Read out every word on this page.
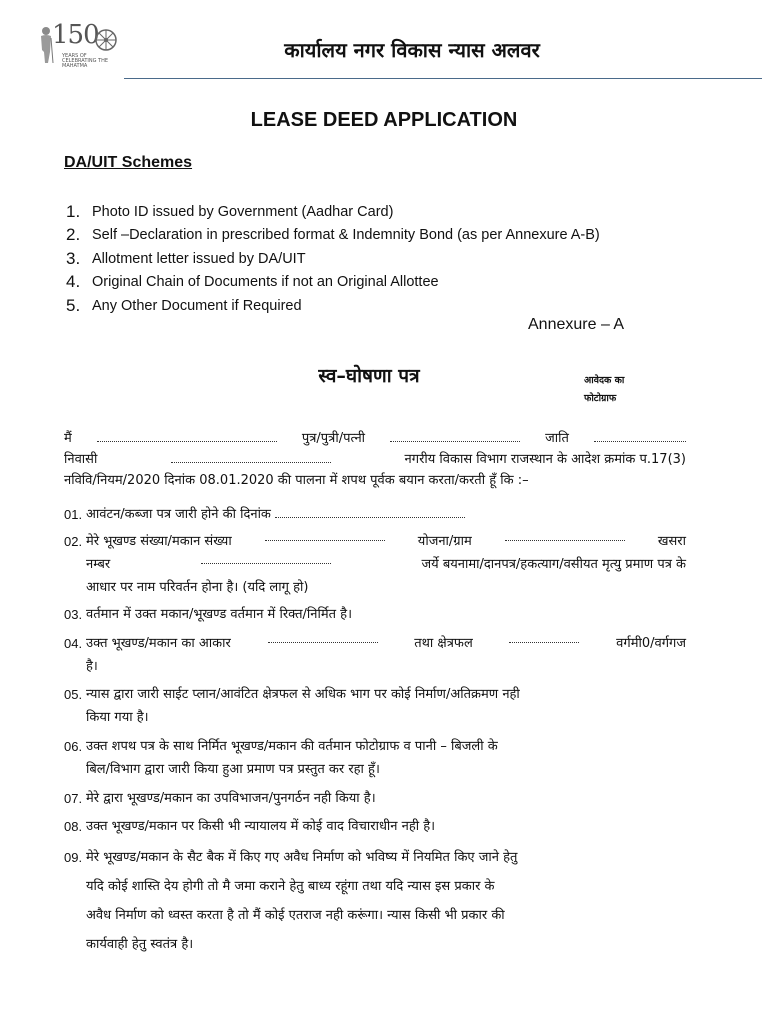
150
YEARS OF CELEBRATING THE MAHATMA
कार्यालय नगर विकास न्यास अलवर
LEASE DEED APPLICATION
DA/UIT Schemes
1. Photo ID issued by Government (Aadhar Card)
2. Self –Declaration in prescribed format & Indemnity Bond (as per Annexure A-B)
3. Allotment letter issued by DA/UIT
4. Original Chain of Documents if not an Original Allottee
5. Any Other Document if Required
Annexure – A
स्व–घोषणा पत्र	आवेदक का
फोटोग्राफ
मैं	पुत्र/पुत्री/पत्नी	जाति
निवासी	नगरीय विकास विभाग राजस्थान के आदेश क्रमांक प.17(3)
नविवि/नियम/2020 दिनांक 08.01.2020 की पालना में शपथ पूर्वक बयान करता/करती हूँ कि :–
01. आवंटन/कब्जा पत्र जारी होने की दिनांक
02. मेरे भूखण्ड संख्या/मकान संख्या	योजना/ग्राम	खसरा
नम्बर	जर्ये बयनामा/दानपत्र/हकत्याग/वसीयत मृत्यु प्रमाण पत्र के
आधार पर नाम परिवर्तन होना है। (यदि लागू हो)
03. वर्तमान में उक्त मकान/भूखण्ड वर्तमान में रिक्त/निर्मित है।
04. उक्त भूखण्ड/मकान का आकार	तथा क्षेत्रफल	वर्गमी0/वर्गगज
है।
05. न्यास द्वारा जारी साईट प्लान/आवंटित क्षेत्रफल से अधिक भाग पर कोई निर्माण/अतिक्रमण नही
किया गया है।
06. उक्त शपथ पत्र के साथ निर्मित भूखण्ड/मकान की वर्तमान फोटोग्राफ व पानी – बिजली के
बिल/विभाग द्वारा जारी किया हुआ प्रमाण पत्र प्रस्तुत कर रहा हूँ।
07. मेरे द्वारा भूखण्ड/मकान का उपविभाजन/पुनगर्ठन नही किया है।
08. उक्त भूखण्ड/मकान पर किसी भी न्यायालय में कोई वाद विचाराधीन नही है।
09. मेरे भूखण्ड/मकान के सैट बैक में किए गए अवैध निर्माण को भविष्य में नियमित किए जाने हेतु
यदि कोई शास्ति देय होगी तो मै जमा कराने हेतु बाध्य रहूंगा तथा यदि न्यास इस प्रकार के
अवैध निर्माण को ध्वस्त करता है तो मैं कोई एतराज नही करूंगा। न्यास किसी भी प्रकार की
कार्यवाही हेतु स्वतंत्र है।
